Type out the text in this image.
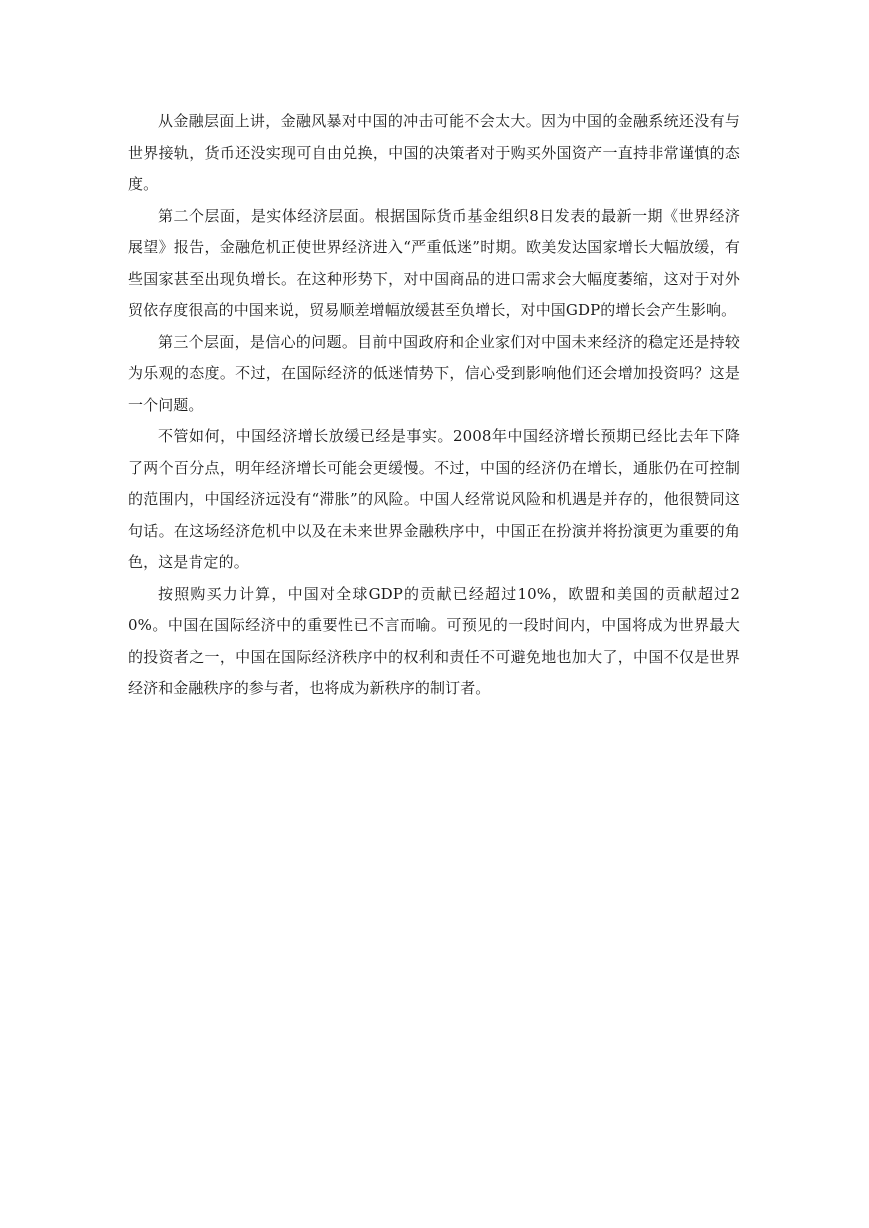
从金融层面上讲，金融风暴对中国的冲击可能不会太大。因为中国的金融系统还没有与世界接轨，货币还没实现可自由兑换，中国的决策者对于购买外国资产一直持非常谨慎的态度。

第二个层面，是实体经济层面。根据国际货币基金组织8日发表的最新一期《世界经济展望》报告，金融危机正使世界经济进入“严重低迷”时期。欧美发达国家增长大幅放缓，有些国家甚至出现负增长。在这种形势下，对中国商品的进口需求会大幅度萎缩，这对于对外贸依存度很高的中国来说，贸易顺差增幅放缓甚至负增长，对中国GDP的增长会产生影响。

第三个层面，是信心的问题。目前中国政府和企业家们对中国未来经济的稳定还是持较为乐观的态度。不过，在国际经济的低迷情势下，信心受到影响他们还会增加投资吗？这是一个问题。

不管如何，中国经济增长放缓已经是事实。2008年中国经济增长预期已经比去年下降了两个百分点，明年经济增长可能会更缓慢。不过，中国的经济仍在增长，通胀仍在可控制的范围内，中国经济远没有“滞胀”的风险。中国人经常说风险和机遇是并存的，他很赞同这句话。在这场经济危机中以及在未来世界金融秩序中，中国正在扮演并将扮演更为重要的角色，这是肯定的。

按照购买力计算，中国对全球GDP的贡献已经超过10%，欧盟和美国的贡献超过20%。中国在国际经济中的重要性已不言而喻。可预见的一段时间内，中国将成为世界最大的投资者之一，中国在国际经济秩序中的权利和责任不可避免地也加大了，中国不仅是世界经济和金融秩序的参与者，也将成为新秩序的制订者。
